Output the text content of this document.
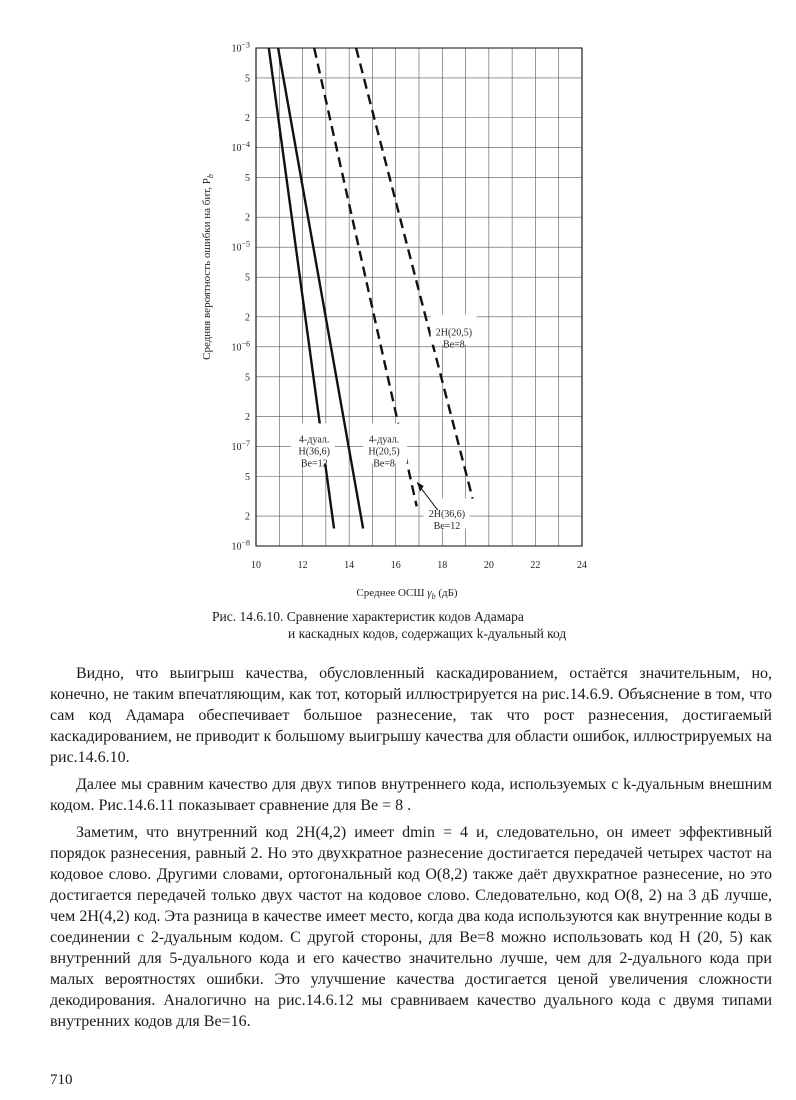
$10^{-3}$
5
2
$10^{-4}$
5
2
$10^{-5}$
5
2
$10^{-6}$
5
2
$10^{-7}$
5
2
$10^{-8}$
10	12	14	16	18	20	22	24
Средняя вероятность ошибки на бит, $P_b$
Среднее ОСШ $\gamma_b$ (дБ)
4-дуал. H(36,6) Be=12
4-дуал. H(20,5) Be=8
2H(20,5) Be=8
2H(36,6) Be=12
Рис. 14.6.10. Сравнение характеристик кодов Адамара
и каскадных кодов, содержащих k-дуальный код

Видно, что выигрыш качества, обусловленный каскадированием, остаётся значительным, но, конечно, не таким впечатляющим, как тот, который иллюстрируется на рис.14.6.9. Объяснение в том, что сам код Адамара обеспечивает большое разнесение, так что рост разнесения, достигаемый каскадированием, не приводит к большому выигрышу качества для области ошибок, иллюстрируемых на рис.14.6.10.

Далее мы сравним качество для двух типов внутреннего кода, используемых с k-дуальным внешним кодом. Рис.14.6.11 показывает сравнение для Be = 8 .

Заметим, что внутренний код 2H(4,2) имеет dmin = 4 и, следовательно, он имеет эффективный порядок разнесения, равный 2. Но это двухкратное разнесение достигается передачей четырех частот на кодовое слово. Другими словами, ортогональный код O(8,2) также даёт двухкратное разнесение, но это достигается передачей только двух частот на кодовое слово. Следовательно, код O(8, 2) на 3 дБ лучше, чем 2H(4,2) код. Эта разница в качестве имеет место, когда два кода используются как внутренние коды в соединении с 2-дуальным кодом. С другой стороны, для Be=8 можно использовать код H (20, 5) как внутренний для 5-дуального кода и его качество значительно лучше, чем для 2-дуального кода при малых вероятностях ошибки. Это улучшение качества достигается ценой увеличения сложности декодирования. Аналогично на рис.14.6.12 мы сравниваем качество дуального кода с двумя типами внутренних кодов для Be=16.

710
